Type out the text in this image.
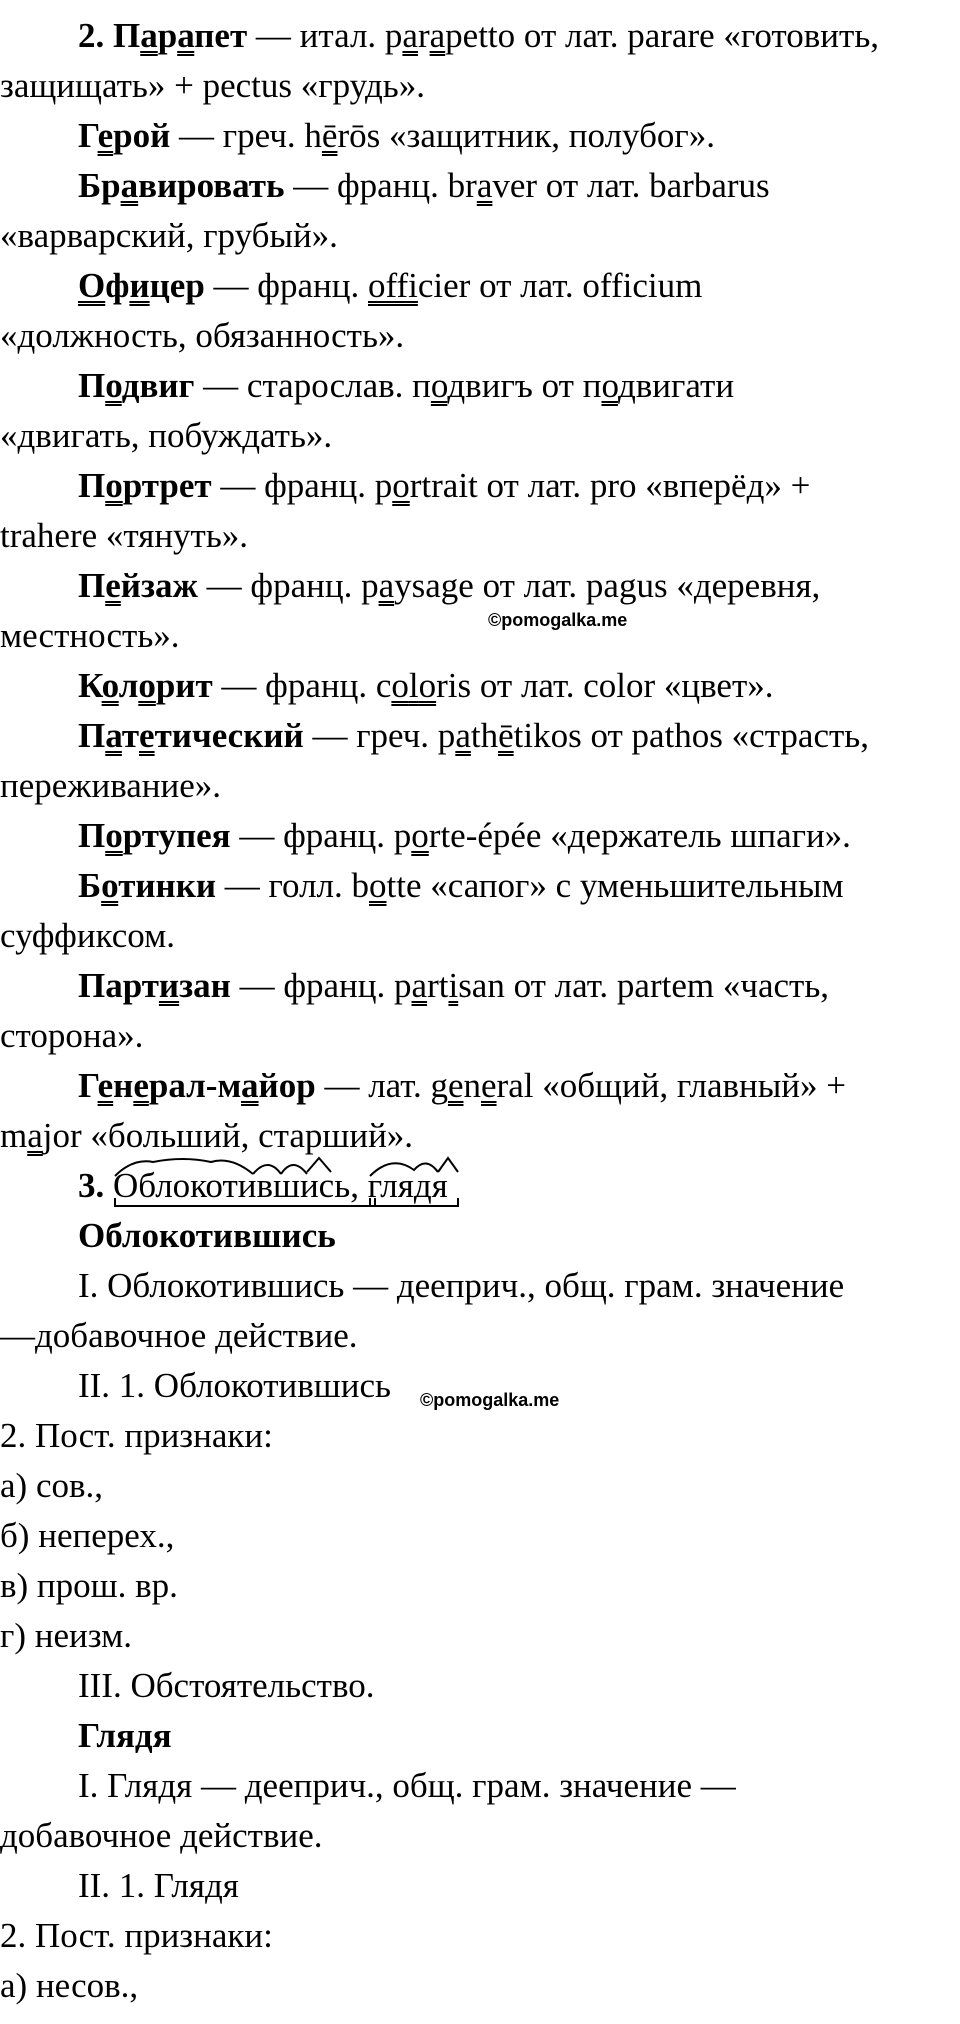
2. Парапет — итал. parapetto от лат. parare «готовить,
защищать» + pectus «грудь».
Герой — греч. hērōs «защитник, полубог».
Бравировать — франц. braver от лат. barbarus
«варварский, грубый».
Офицер — франц. officier от лат. officium
«должность, обязанность».
Подвиг — старослав. подвигъ от подвигати
«двигать, побуждать».
Портрет — франц. portrait от лат. pro «вперёд» +
trahere «тянуть».
Пейзаж — франц. paysage от лат. pagus «деревня,
местность».	©pomogalka.me
Колорит — франц. coloris от лат. color «цвет».
Патетический — греч. pathētikos от pathos «страсть,
переживание».
Портупея — франц. porte-épée «держатель шпаги».
Ботинки — голл. botte «сапог» с уменьшительным
суффиксом.
Партизан — франц. partisan от лат. partem «часть,
сторона».
Генерал-майор — лат. general «общий, главный» +
major «больший, старший».
3. Облокотившись
, глядя
Облокотившись
I. Облокотившись — дееприч., общ. грам. значение
—добавочное действие.
II. 1. Облокотившись ©pomogalka.me
2. Пост. признаки:
а) сов.,
б) неперех.,
в) прош. вр.
г) неизм.
III. Обстоятельство.
Глядя
I. Глядя — дееприч., общ. грам. значение —
добавочное действие.
II. 1. Глядя
2. Пост. признаки:
а) несов.,
